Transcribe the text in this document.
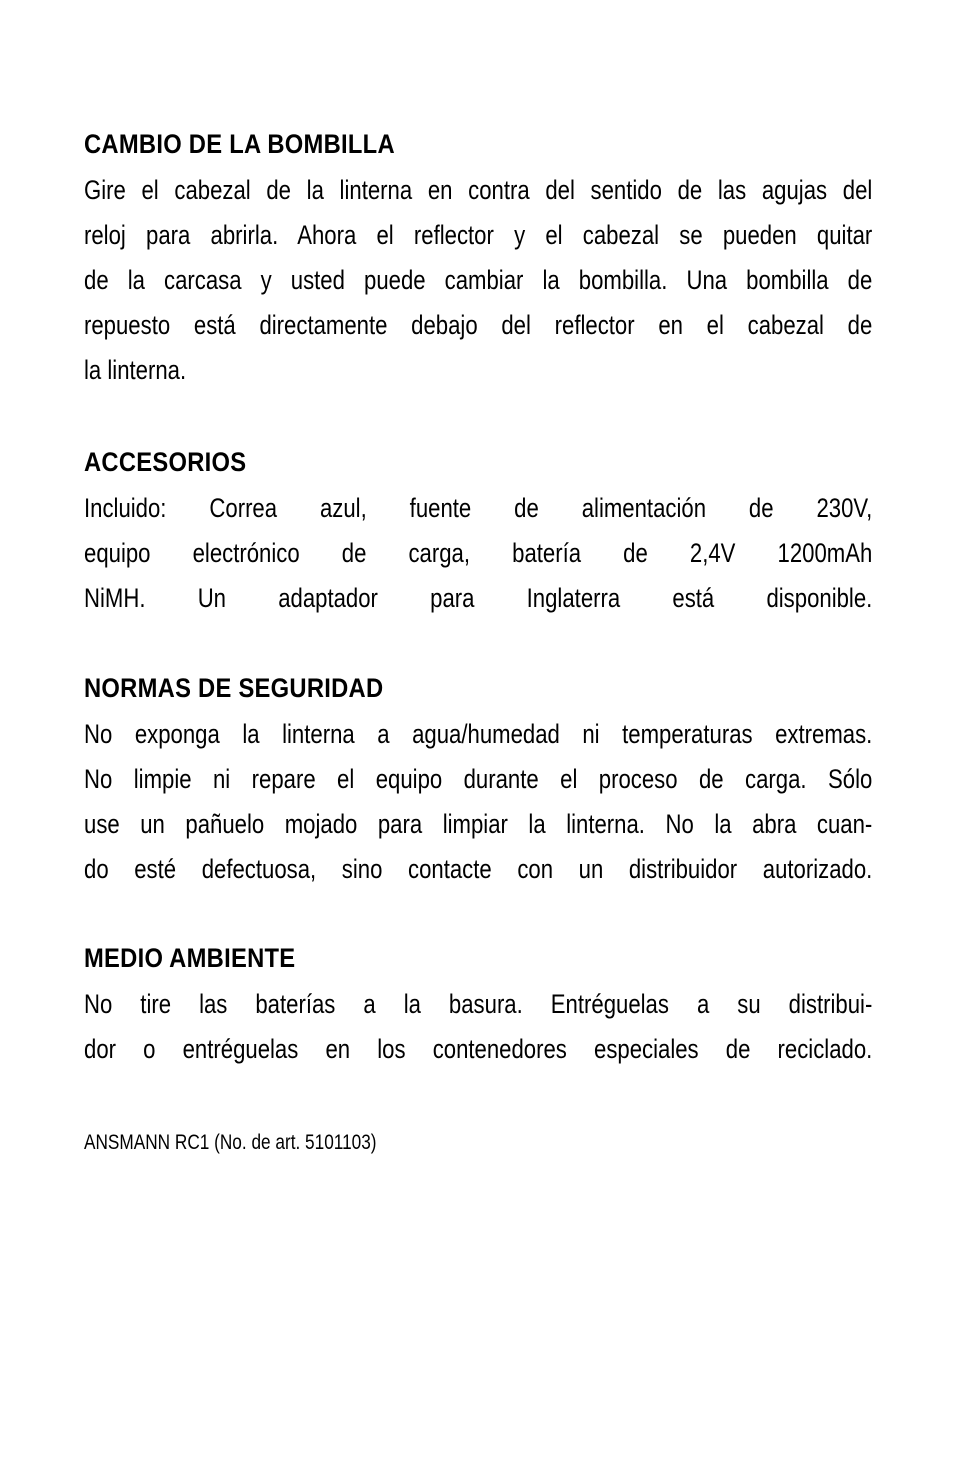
CAMBIO DE LA BOMBILLA

Gire el cabezal de la linterna en contra del sentido de las agujas del

reloj para abrirla. Ahora el reflector y el cabezal se pueden quitar

de la carcasa y usted puede cambiar la bombilla. Una bombilla de

repuesto está directamente debajo del reflector en el cabezal de

la linterna.

ACCESORIOS

Incluido: Correa azul, fuente de alimentación de 230V,

equipo electrónico de carga, batería de 2,4V 1200mAh

NiMH. Un adaptador para Inglaterra está disponible.

NORMAS DE SEGURIDAD

No exponga la linterna a agua/humedad ni temperaturas extremas.

No limpie ni repare el equipo durante el proceso de carga. Sólo

use un pañuelo mojado para limpiar la linterna. No la abra cuan-

do esté defectuosa, sino contacte con un distribuidor autorizado.

MEDIO AMBIENTE

No tire las baterías a la basura. Entréguelas a su distribui-

dor o entréguelas en los contenedores especiales de reciclado.

ANSMANN RC1 (No. de art. 5101103)
